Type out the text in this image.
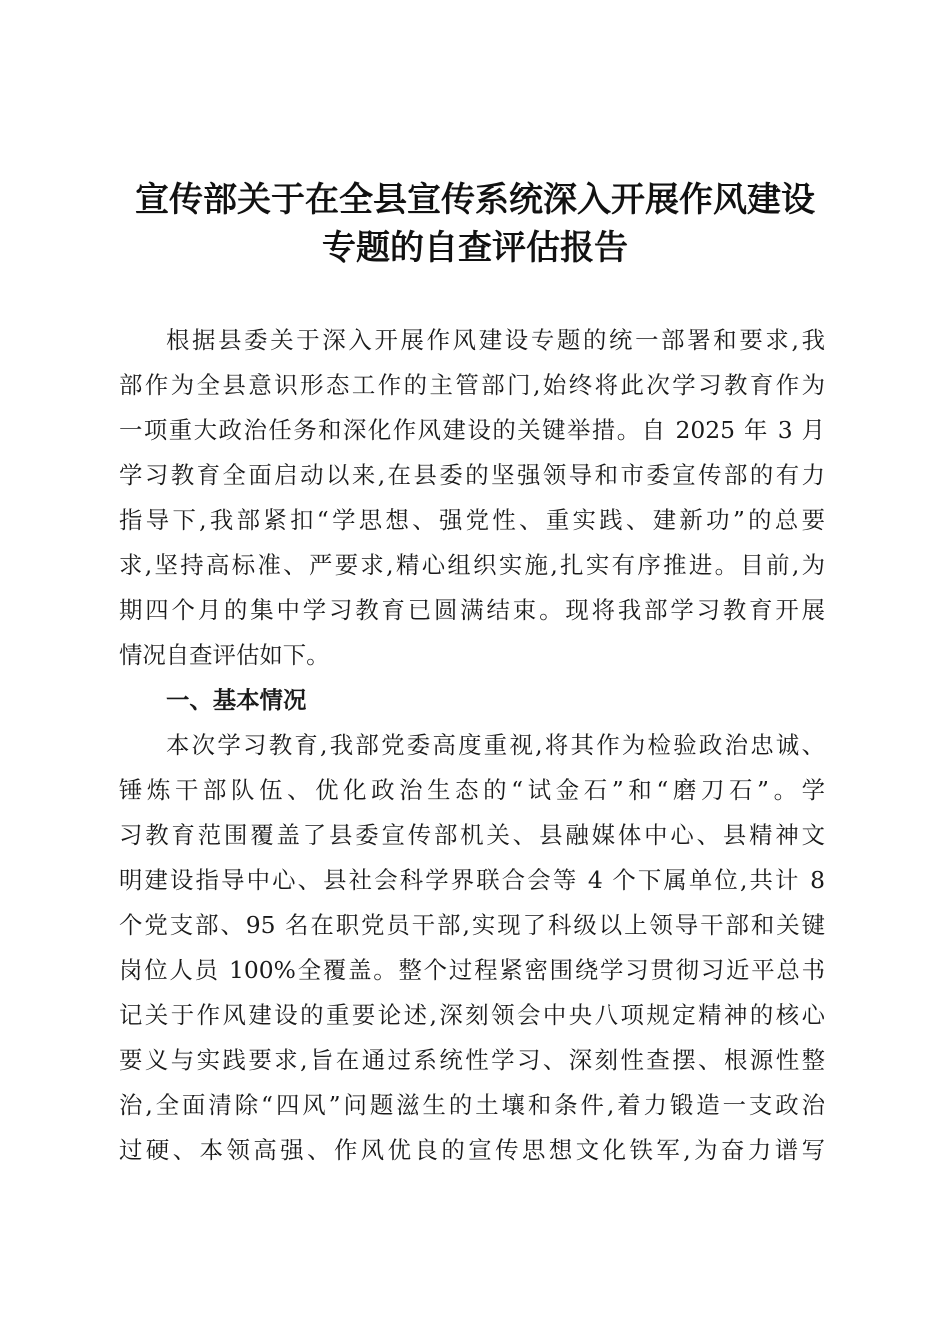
宣传部关于在全县宣传系统深入开展作风建设
专题的自查评估报告
根据县委关于深入开展作风建设专题的统一部署和要求,我
部作为全县意识形态工作的主管部门,始终将此次学习教育作为
一项重大政治任务和深化作风建设的关键举措。自 2025 年 3 月
学习教育全面启动以来,在县委的坚强领导和市委宣传部的有力
指导下,我部紧扣“学思想、强党性、重实践、建新功”的总要
求,坚持高标准、严要求,精心组织实施,扎实有序推进。目前,为
期四个月的集中学习教育已圆满结束。现将我部学习教育开展
情况自查评估如下。
一、基本情况
本次学习教育,我部党委高度重视,将其作为检验政治忠诚、
锤炼干部队伍、优化政治生态的“试金石”和“磨刀石”。学
习教育范围覆盖了县委宣传部机关、县融媒体中心、县精神文
明建设指导中心、县社会科学界联合会等 4 个下属单位,共计 8
个党支部、95 名在职党员干部,实现了科级以上领导干部和关键
岗位人员 100%全覆盖。整个过程紧密围绕学习贯彻习近平总书
记关于作风建设的重要论述,深刻领会中央八项规定精神的核心
要义与实践要求,旨在通过系统性学习、深刻性查摆、根源性整
治,全面清除“四风”问题滋生的土壤和条件,着力锻造一支政治
过硬、本领高强、作风优良的宣传思想文化铁军,为奋力谱写
